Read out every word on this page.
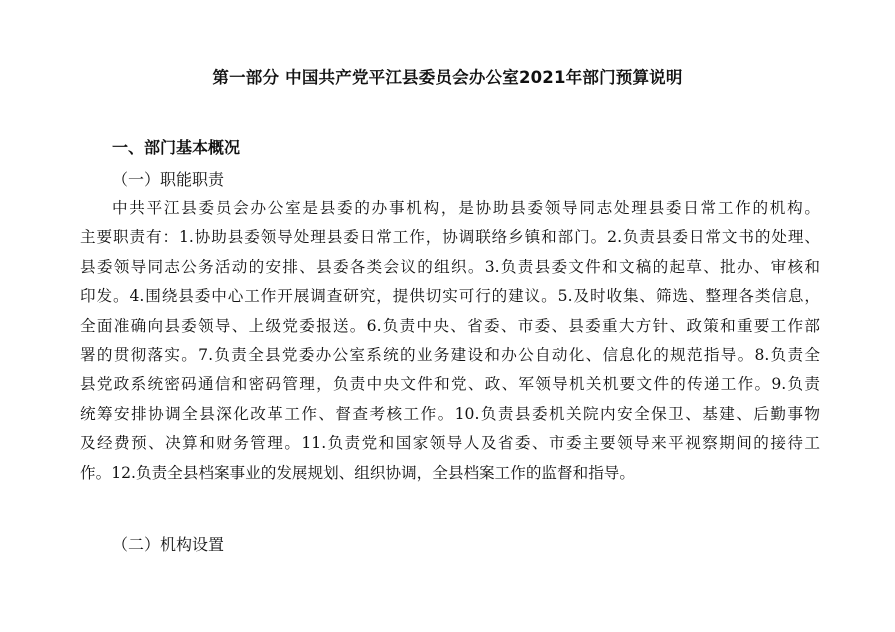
第一部分 中国共产党平江县委员会办公室2021年部门预算说明
一、部门基本概况
（一）职能职责
中共平江县委员会办公室是县委的办事机构，是协助县委领导同志处理县委日常工作的机构。
主要职责有：1.协助县委领导处理县委日常工作，协调联络乡镇和部门。2.负责县委日常文书的处理、
县委领导同志公务活动的安排、县委各类会议的组织。3.负责县委文件和文稿的起草、批办、审核和
印发。4.围绕县委中心工作开展调查研究，提供切实可行的建议。5.及时收集、筛选、整理各类信息，
全面准确向县委领导、上级党委报送。6.负责中央、省委、市委、县委重大方针、政策和重要工作部
署的贯彻落实。7.负责全县党委办公室系统的业务建设和办公自动化、信息化的规范指导。8.负责全
县党政系统密码通信和密码管理，负责中央文件和党、政、军领导机关机要文件的传递工作。9.负责
统筹安排协调全县深化改革工作、督查考核工作。10.负责县委机关院内安全保卫、基建、后勤事物
及经费预、决算和财务管理。11.负责党和国家领导人及省委、市委主要领导来平视察期间的接待工
作。12.负责全县档案事业的发展规划、组织协调，全县档案工作的监督和指导。
（二）机构设置
